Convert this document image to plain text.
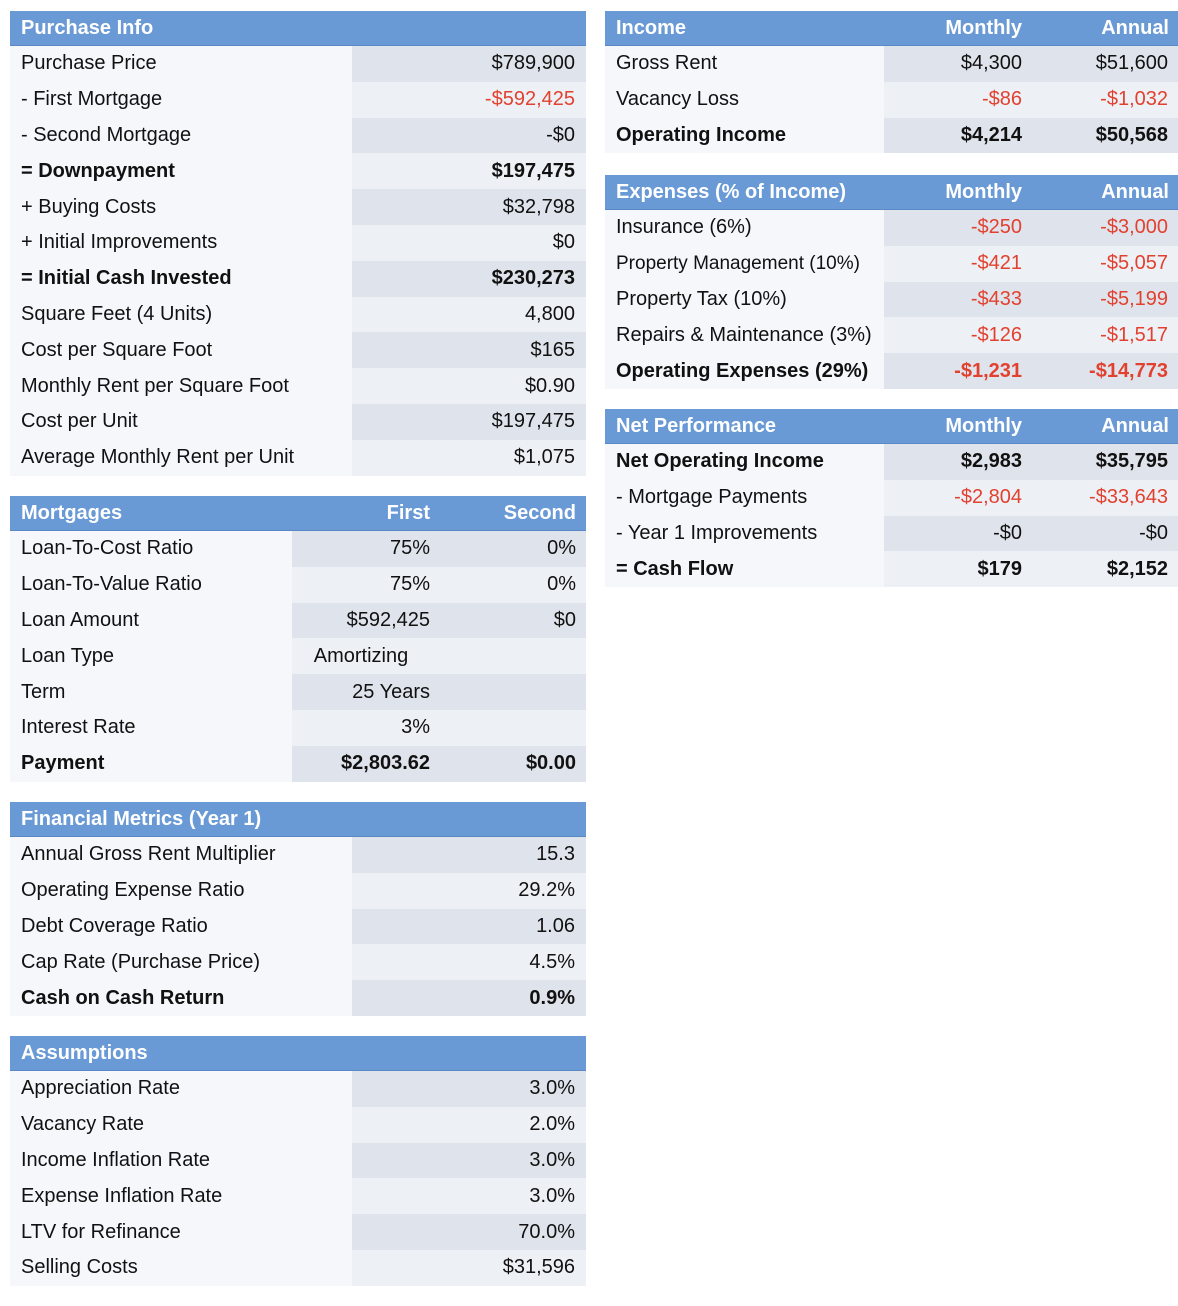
Purchase Info
Purchase Price	$789,900
- First Mortgage	-$592,425
- Second Mortgage	-$0
= Downpayment	$197,475
+ Buying Costs	$32,798
+ Initial Improvements	$0
= Initial Cash Invested	$230,273
Square Feet (4 Units)	4,800
Cost per Square Foot	$165
Monthly Rent per Square Foot	$0.90
Cost per Unit	$197,475
Average Monthly Rent per Unit	$1,075
Mortgages	First	Second
Loan-To-Cost Ratio	75%	0%
Loan-To-Value Ratio	75%	0%
Loan Amount	$592,425	$0
Loan Type	Amortizing
Term	25 Years
Interest Rate	3%
Payment	$2,803.62	$0.00
Financial Metrics (Year 1)
Annual Gross Rent Multiplier	15.3
Operating Expense Ratio	29.2%
Debt Coverage Ratio	1.06
Cap Rate (Purchase Price)	4.5%
Cash on Cash Return	0.9%
Assumptions
Appreciation Rate	3.0%
Vacancy Rate	2.0%
Income Inflation Rate	3.0%
Expense Inflation Rate	3.0%
LTV for Refinance	70.0%
Selling Costs	$31,596
Income	Monthly	Annual
Gross Rent	$4,300	$51,600
Vacancy Loss	-$86	-$1,032
Operating Income	$4,214	$50,568
Expenses (% of Income)	Monthly	Annual
Insurance (6%)	-$250	-$3,000
Property Management (10%)	-$421	-$5,057
Property Tax (10%)	-$433	-$5,199
Repairs & Maintenance (3%)	-$126	-$1,517
Operating Expenses (29%)	-$1,231	-$14,773
Net Performance	Monthly	Annual
Net Operating Income	$2,983	$35,795
- Mortgage Payments	-$2,804	-$33,643
- Year 1 Improvements	-$0	-$0
= Cash Flow	$179	$2,152
